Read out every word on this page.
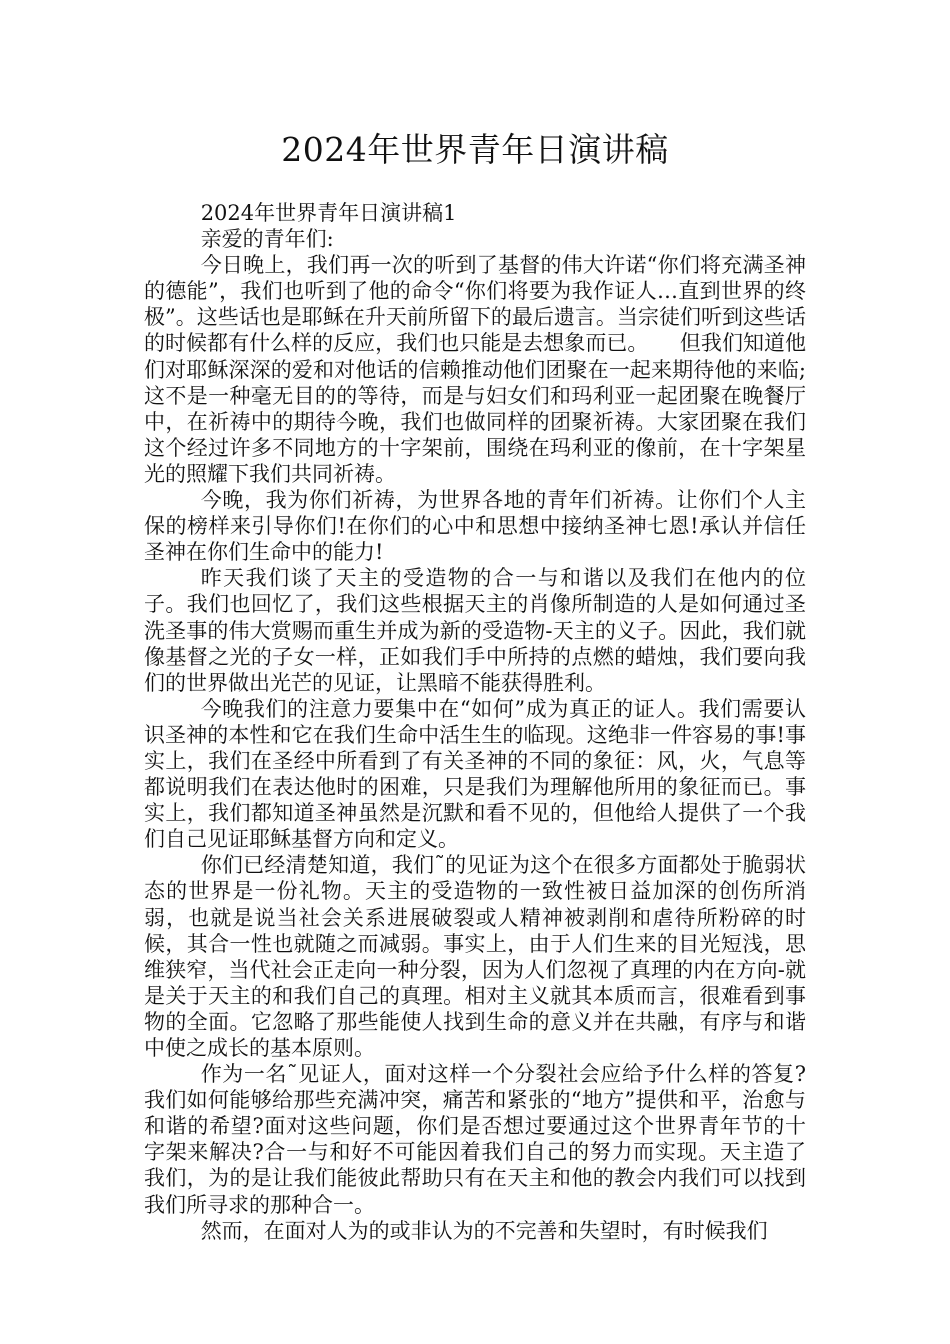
2024年世界青年日演讲稿

2024年世界青年日演讲稿1

亲爱的青年们:

今日晚上，我们再一次的听到了基督的伟大许诺“你们将充满圣神的德能”，我们也听到了他的命令“你们将要为我作证人…直到世界的终极”。这些话也是耶稣在升天前所留下的最后遗言。当宗徒们听到这些话的时候都有什么样的反应，我们也只能是去想象而已。　　但我们知道他们对耶稣深深的爱和对他话的信赖推动他们团聚在一起来期待他的来临;这不是一种毫无目的的等待，而是与妇女们和玛利亚一起团聚在晚餐厅中，在祈祷中的期待今晚，我们也做同样的团聚祈祷。大家团聚在我们这个经过许多不同地方的十字架前，围绕在玛利亚的像前，在十字架星光的照耀下我们共同祈祷。

今晚，我为你们祈祷，为世界各地的青年们祈祷。让你们个人主保的榜样来引导你们!在你们的心中和思想中接纳圣神七恩!承认并信任圣神在你们生命中的能力!

昨天我们谈了天主的受造物的合一与和谐以及我们在他内的位子。我们也回忆了，我们这些根据天主的肖像所制造的人是如何通过圣洗圣事的伟大赏赐而重生并成为新的受造物-天主的义子。因此，我们就像基督之光的子女一样，正如我们手中所持的点燃的蜡烛，我们要向我们的世界做出光芒的见证，让黑暗不能获得胜利。

今晚我们的注意力要集中在“如何”成为真正的证人。我们需要认识圣神的本性和它在我们生命中活生生的临现。这绝非一件容易的事!事实上，我们在圣经中所看到了有关圣神的不同的象征：风，火，气息等都说明我们在表达他时的困难，只是我们为理解他所用的象征而已。事实上，我们都知道圣神虽然是沉默和看不见的，但他给人提供了一个我们自己见证耶稣基督方向和定义。

你们已经清楚知道，我们˜的见证为这个在很多方面都处于脆弱状态的世界是一份礼物。天主的受造物的一致性被日益加深的创伤所消弱，也就是说当社会关系进展破裂或人精神被剥削和虐待所粉碎的时候，其合一性也就随之而减弱。事实上，由于人们生来的目光短浅，思维狭窄，当代社会正走向一种分裂，因为人们忽视了真理的内在方向-就是关于天主的和我们自己的真理。相对主义就其本质而言，很难看到事物的全面。它忽略了那些能使人找到生命的意义并在共融，有序与和谐中使之成长的基本原则。

作为一名˜见证人，面对这样一个分裂社会应给予什么样的答复?我们如何能够给那些充满冲突，痛苦和紧张的“地方”提供和平，治愈与和谐的希望?面对这些问题，你们是否想过要通过这个世界青年节的十字架来解决?合一与和好不可能因着我们自己的努力而实现。天主造了我们，为的是让我们能彼此帮助只有在天主和他的教会内我们可以找到我们所寻求的那种合一。

然而，在面对人为的或非认为的不完善和失望时，有时候我们
